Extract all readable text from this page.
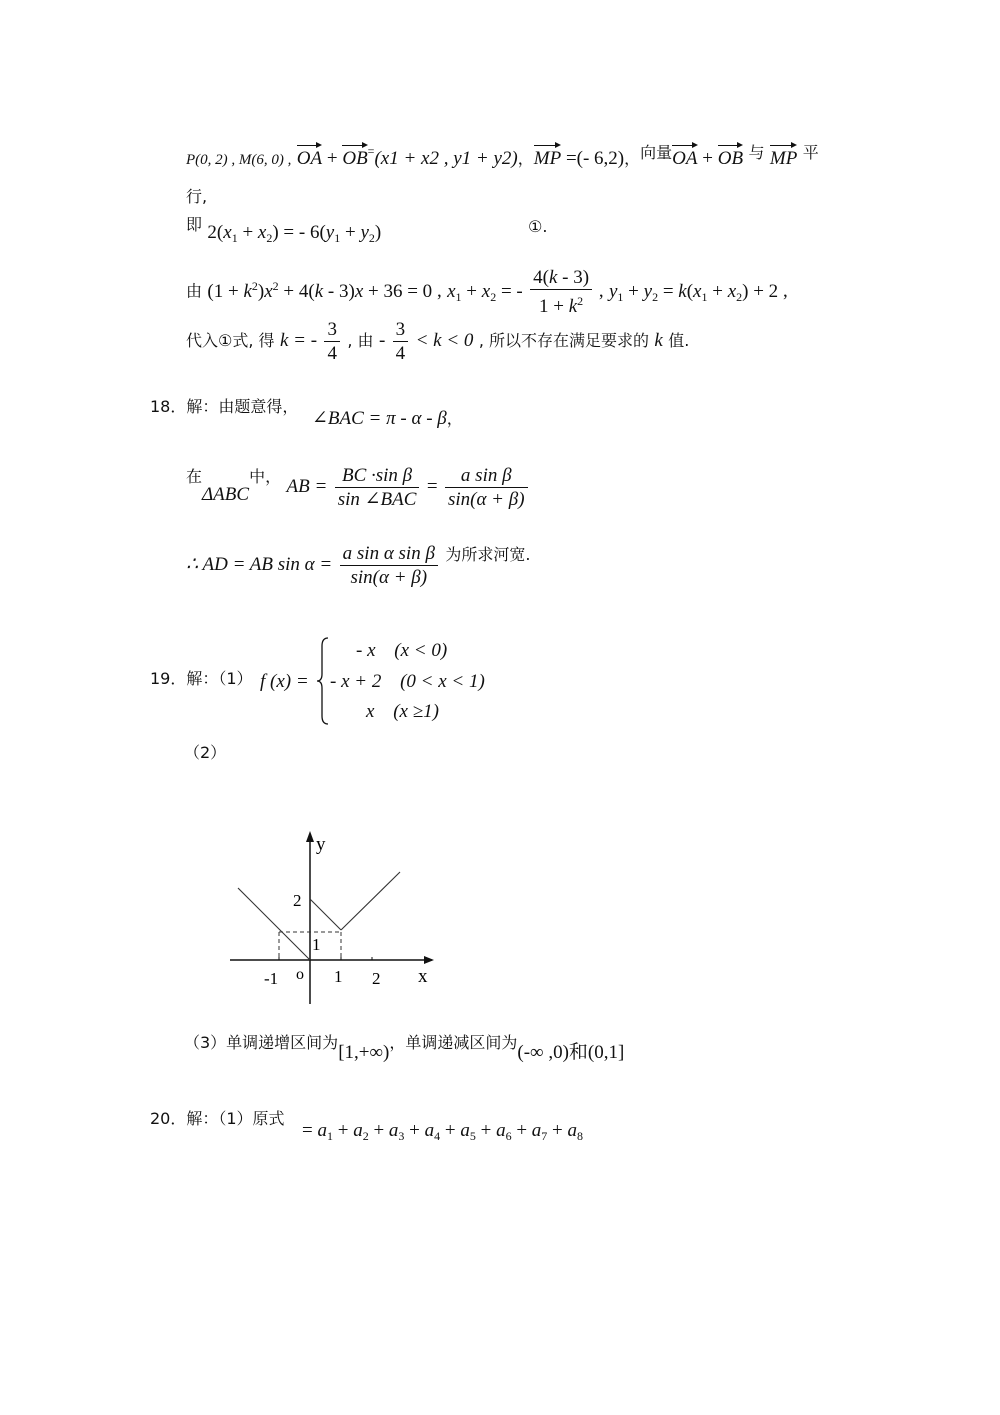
P(0, 2) , M(6, 0) , OA + OB=(x1 + x2 , y1 + y2)，MP =(- 6,2)，向量OA + OB 与 MP 平
行,
即 $2(x_1 + x_2)$ = - $6(y_1 + y_2)$	①.
由 $(1 + k^2)x^2 + 4(k - 3)x + 36 = 0$ , $x_1 + x_2$ = - $\frac{4(k - 3)}{1 + k^2}$ , $y_1 + y_2 = k(x_1 + x_2) + 2$ ,
代入①式, 得 k = - $\frac{3}{4}$ , 由 - $\frac{3}{4} < k < 0$ , 所以不存在满足要求的 k 值.
18．解：由题意得，
∠BAC = π - α - β，
在ΔABC中， AB = $\frac{\text{BC ·sin β}}{\text{sin ∠BAC}} = \frac{\text{a sin β}}{\sin(\alpha + \beta)}$
∴ AD = AB $\sin \alpha = \frac{\text{a sin α sin β}}{\sin(\alpha + \beta)}$ 为所求河宽.
19．解：（1） f (x) =
- x (x < 0)
- x + 2 (0 < x < 1)
x (x ≥1)
（2）
y
x
2
1
o
-1	1 2
（3）单调递增区间为[1,+∞)，单调递减区间为(-∞ ,0)和(0,1]
20．解：（1）原式
= $a_1 + a_2 + a_3 + a_4 + a_5 + a_6 + a_7 + a_8$
